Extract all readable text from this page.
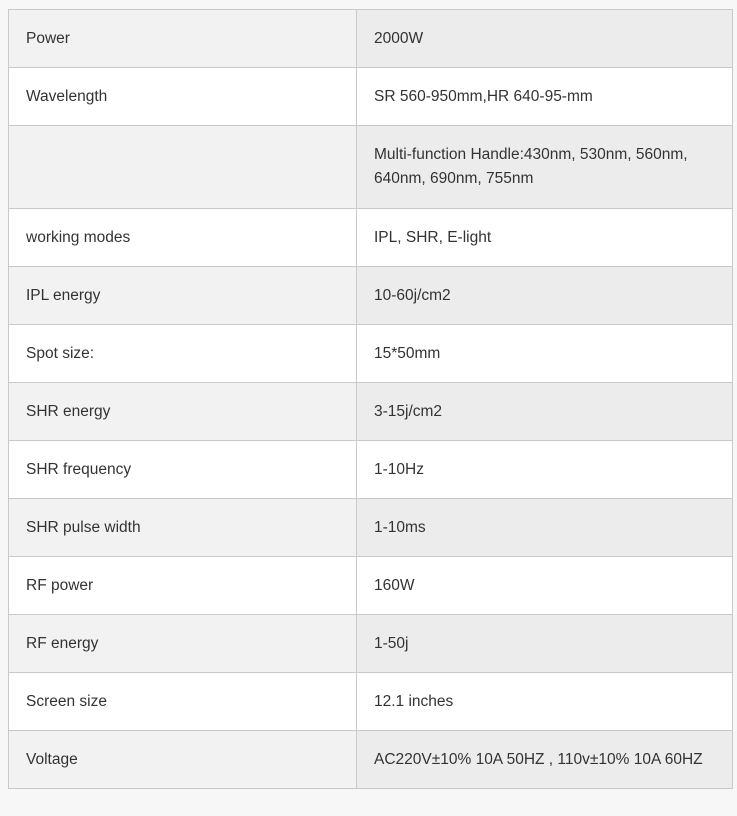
Power	2000W
Wavelength	SR 560-950mm,HR 640-95-mm
	Multi-function Handle:430nm, 530nm, 560nm, 640nm, 690nm, 755nm
working modes	IPL, SHR, E-light
IPL energy	10-60j/cm2
Spot size:	15*50mm
SHR energy	3-15j/cm2
SHR frequency	1-10Hz
SHR pulse width	1-10ms
RF power	160W
RF energy	1-50j
Screen size	12.1 inches
Voltage	AC220V±10% 10A 50HZ , 110v±10% 10A 60HZ
